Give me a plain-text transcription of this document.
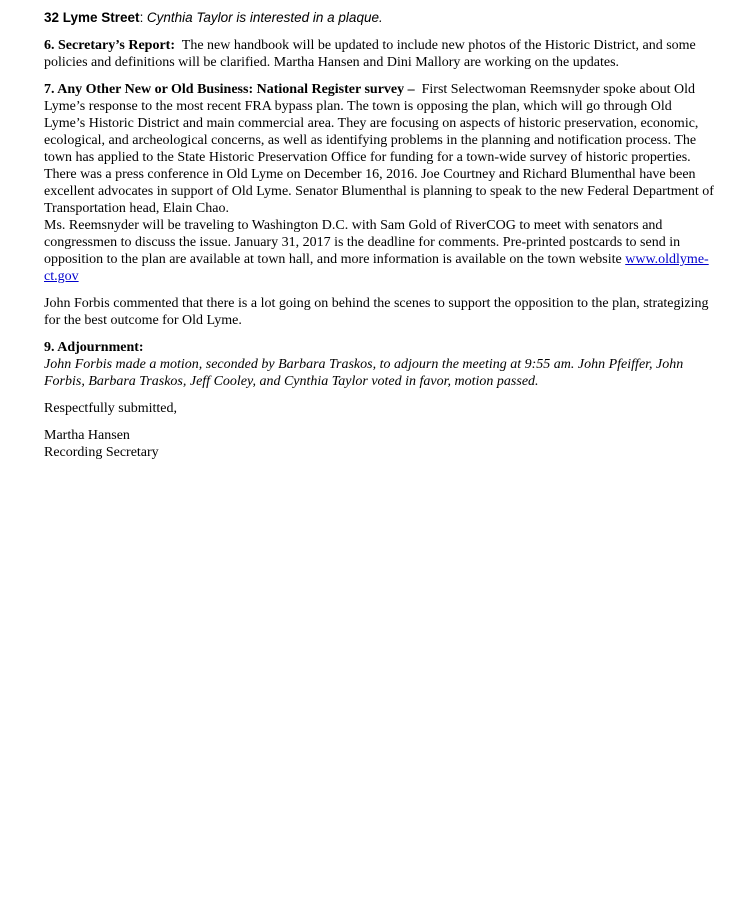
32 Lyme Street: Cynthia Taylor is interested in a plaque.

6. Secretary’s Report: The new handbook will be updated to include new photos of the Historic District, and some policies and definitions will be clarified. Martha Hansen and Dini Mallory are working on the updates.

7. Any Other New or Old Business: National Register survey – First Selectwoman Reemsnyder spoke about Old Lyme’s response to the most recent FRA bypass plan. The town is opposing the plan, which will go through Old Lyme’s Historic District and main commercial area. They are focusing on aspects of historic preservation, economic, ecological, and archeological concerns, as well as identifying problems in the planning and notification process. The town has applied to the State Historic Preservation Office for funding for a town-wide survey of historic properties. There was a press conference in Old Lyme on December 16, 2016. Joe Courtney and Richard Blumenthal have been excellent advocates in support of Old Lyme. Senator Blumenthal is planning to speak to the new Federal Department of Transportation head, Elain Chao.
Ms. Reemsnyder will be traveling to Washington D.C. with Sam Gold of RiverCOG to meet with senators and congressmen to discuss the issue. January 31, 2017 is the deadline for comments. Pre-printed postcards to send in opposition to the plan are available at town hall, and more information is available on the town website www.oldlyme-ct.gov

John Forbis commented that there is a lot going on behind the scenes to support the opposition to the plan, strategizing for the best outcome for Old Lyme.

9. Adjournment:
John Forbis made a motion, seconded by Barbara Traskos, to adjourn the meeting at 9:55 am. John Pfeiffer, John Forbis, Barbara Traskos, Jeff Cooley, and Cynthia Taylor voted in favor, motion passed.

Respectfully submitted,

Martha Hansen
Recording Secretary
